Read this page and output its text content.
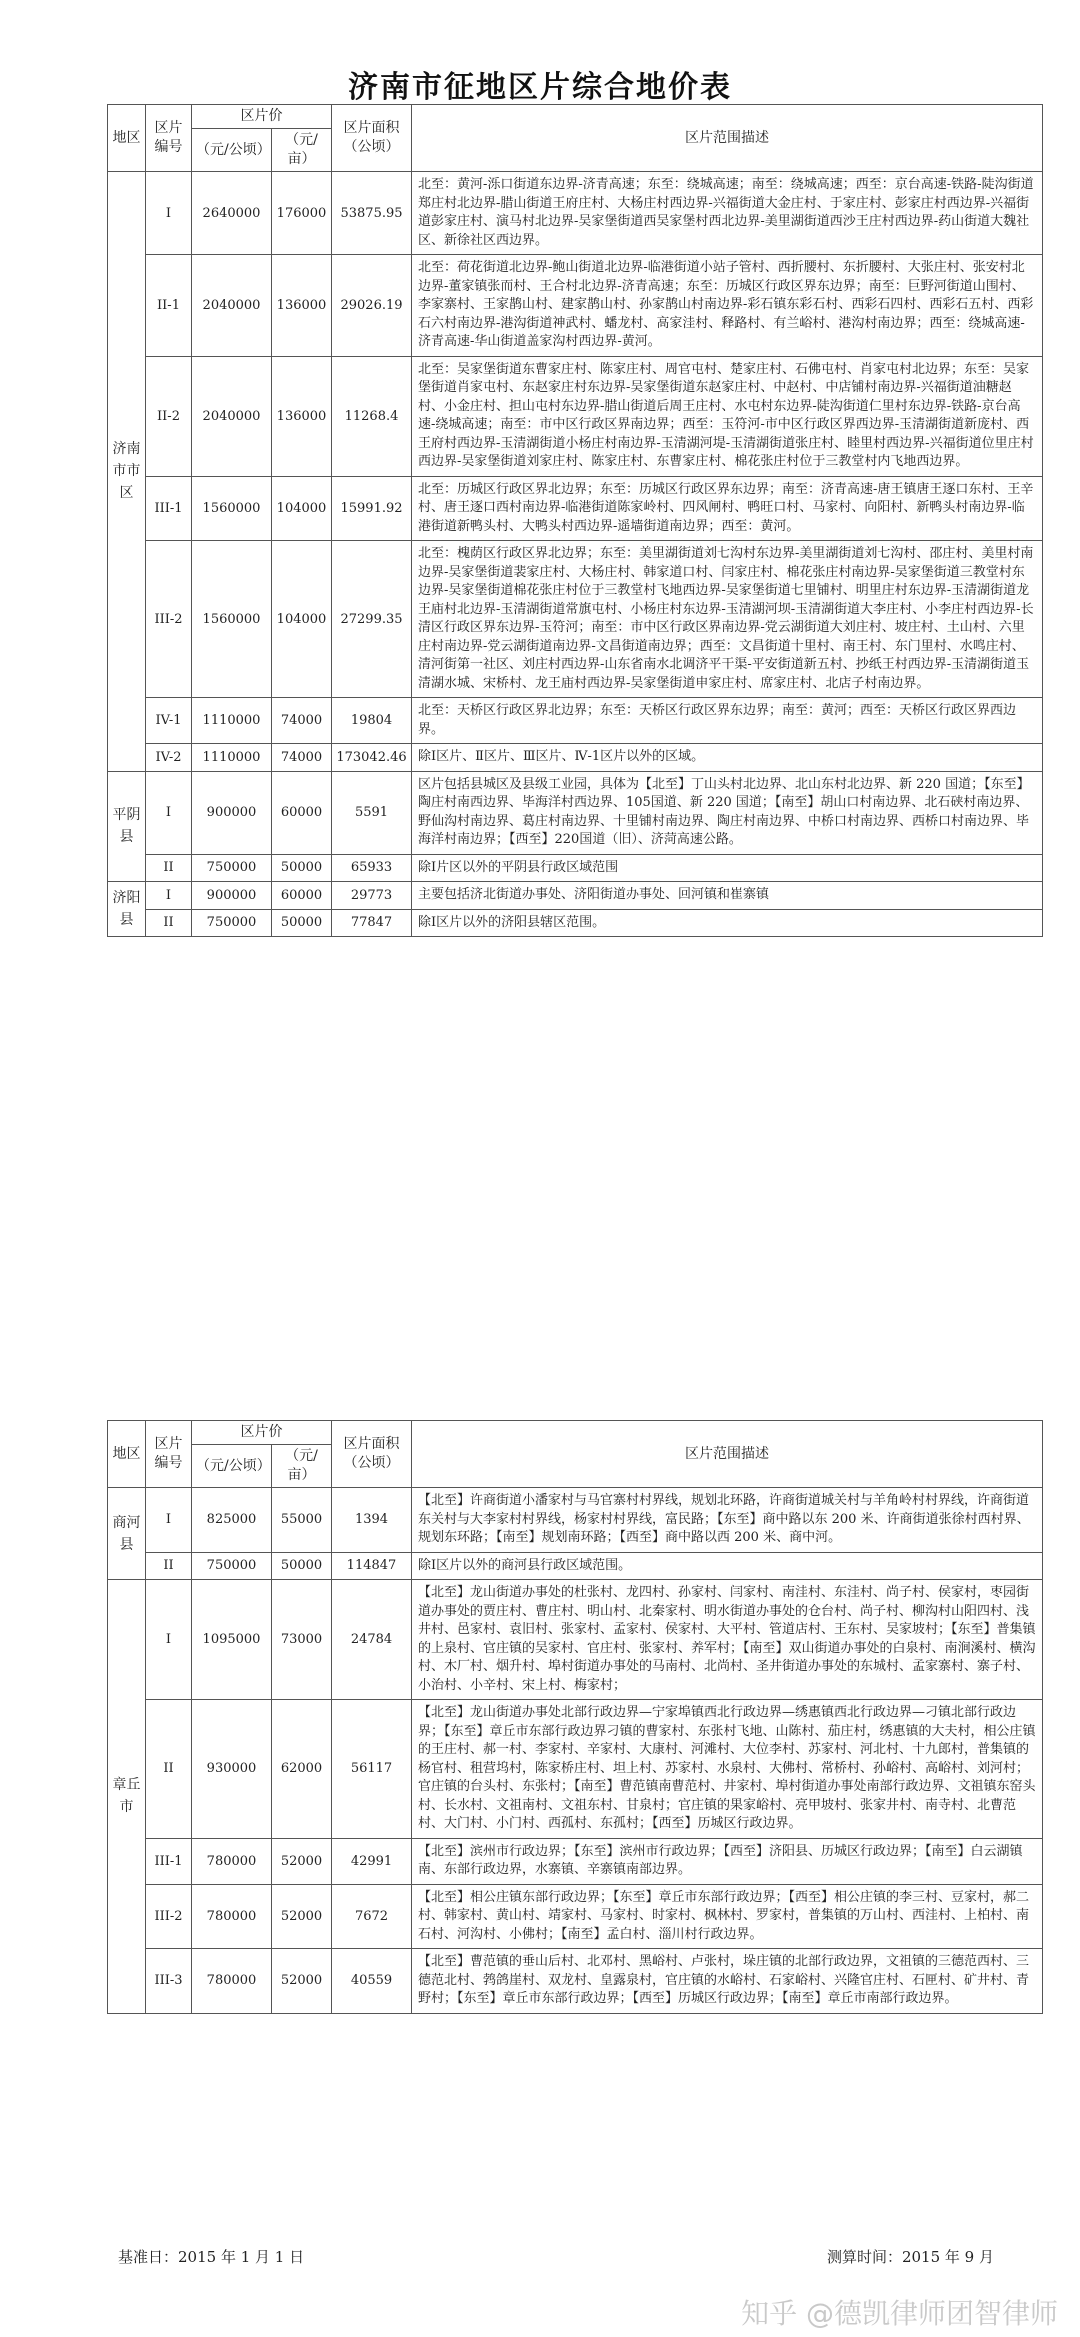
济南市征地区片综合地价表
地区	区片编号	区片价		区片面积（公顷）	区片范围描述
		（元/公顷）	（元/亩）		
济南市市区	I	2640000	176000	53875.95	北至：黄河-泺口街道东边界-济青高速；东至：绕城高速；南至：绕城高速；西至：京台高速-铁路-陡沟街道郑庄村北边界-腊山街道王府庄村、大杨庄村西边界-兴福街道大金庄村、于家庄村、彭家庄村西边界-兴福街道彭家庄村、演马村北边界-吴家堡街道西吴家堡村西北边界-美里湖街道西沙王庄村西边界-药山街道大魏社区、新徐社区西边界。
	II-1	2040000	136000	29026.19	北至：荷花街道北边界-鲍山街道北边界-临港街道小站子管村、西折腰村、东折腰村、大张庄村、张安村北边界-董家镇张而村、王合村北边界-济青高速；东至：历城区行政区界东边界；南至：巨野河街道山围村、李家寨村、王家鹊山村、建家鹊山村、孙家鹊山村南边界-彩石镇东彩石村、西彩石四村、西彩石五村、西彩石六村南边界-港沟街道神武村、蟠龙村、高家洼村、释路村、有兰峪村、港沟村南边界；西至：绕城高速-济青高速-华山街道盖家沟村西边界-黄河。
	II-2	2040000	136000	11268.4	北至：吴家堡街道东曹家庄村、陈家庄村、周官屯村、楚家庄村、石佛屯村、肖家屯村北边界；东至：吴家堡街道肖家屯村、东赵家庄村东边界-吴家堡街道东赵家庄村、中赵村、中店铺村南边界-兴福街道油糖赵村、小金庄村、担山屯村东边界-腊山街道后周王庄村、水屯村东边界-陡沟街道仁里村东边界-铁路-京台高速-绕城高速；南至：市中区行政区界南边界；西至：玉符河-市中区行政区界西边界-玉清湖街道新庞村、西王府村西边界-玉清湖街道小杨庄村南边界-玉清湖河堤-玉清湖街道张庄村、睦里村西边界-兴福街道位里庄村西边界-吴家堡街道刘家庄村、陈家庄村、东曹家庄村、棉花张庄村位于三教堂村内飞地西边界。
	III-1	1560000	104000	15991.92	北至：历城区行政区界北边界；东至：历城区行政区界东边界；南至：济青高速-唐王镇唐王逐口东村、王辛村、唐王逐口西村南边界-临港街道陈家岭村、四风闸村、鸭旺口村、马家村、向阳村、新鸭头村南边界-临港街道新鸭头村、大鸭头村西边界-遥墙街道南边界；西至：黄河。
	III-2	1560000	104000	27299.35	北至：槐荫区行政区界北边界；东至：美里湖街道刘七沟村东边界-美里湖街道刘七沟村、邵庄村、美里村南边界-吴家堡街道裴家庄村、大杨庄村、韩家道口村、闫家庄村、棉花张庄村南边界-吴家堡街道三教堂村东边界-吴家堡街道棉花张庄村位于三教堂村飞地西边界-吴家堡街道七里铺村、明里庄村东边界-玉清湖街道龙王庙村北边界-玉清湖街道常旗屯村、小杨庄村东边界-玉清湖河坝-玉清湖街道大李庄村、小李庄村西边界-长清区行政区界东边界-玉符河；南至：市中区行政区界南边界-党云湖街道大刘庄村、坡庄村、土山村、六里庄村南边界-党云湖街道南边界-文昌街道南边界；西至：文昌街道十里村、南王村、东门里村、水鸣庄村、清河街第一社区、刘庄村西边界-山东省南水北调济平干渠-平安街道新五村、抄纸王村西边界-玉清湖街道玉清湖水城、宋桥村、龙王庙村西边界-吴家堡街道申家庄村、席家庄村、北店子村南边界。
	IV-1	1110000	74000	19804	北至：天桥区行政区界北边界；东至：天桥区行政区界东边界；南至：黄河；西至：天桥区行政区界西边界。
	IV-2	1110000	74000	173042.46	除Ⅰ区片、Ⅱ区片、Ⅲ区片、Ⅳ-1区片以外的区域。
平阴县	I	900000	60000	5591	区片包括县城区及县级工业园，具体为【北至】丁山头村北边界、北山东村北边界、新 220 国道；【东至】陶庄村南西边界、毕海洋村西边界、105国道、新 220 国道；【南至】胡山口村南边界、北石硖村南边界、野仙沟村南边界、葛庄村南边界、十里铺村南边界、陶庄村南边界、中桥口村南边界、西桥口村南边界、毕海洋村南边界；【西至】220国道（旧）、济菏高速公路。
	II	750000	50000	65933	除Ⅰ片区以外的平阴县行政区域范围
济阳县	I	900000	60000	29773	主要包括济北街道办事处、济阳街道办事处、回河镇和崔寨镇
	II	750000	50000	77847	除Ⅰ区片以外的济阳县辖区范围。
地区	区片编号	区片价		区片面积（公顷）	区片范围描述
		（元/公顷）	（元/亩）		
商河县	I	825000	55000	1394	【北至】许商街道小潘家村与马官寨村村界线，规划北环路，许商街道城关村与羊角岭村村界线，许商街道东关村与大李家村村界线，杨家村村界线，富民路；【东至】商中路以东 200 米、许商街道张徐村西村界、规划东环路；【南至】规划南环路；【西至】商中路以西 200 米、商中河。
	II	750000	50000	114847	除Ⅰ区片以外的商河县行政区域范围。
章丘市	I	1095000	73000	24784	【北至】龙山街道办事处的杜张村、龙四村、孙家村、闫家村、南洼村、东洼村、尚子村、侯家村，枣园街道办事处的贾庄村、曹庄村、明山村、北秦家村、明水街道办事处的仓台村、尚子村、柳沟村山阳四村、浅井村、邑家村、袁旧村、张家村、孟家村、侯家村、大平村、管道店村、王东村、吴家坡村；【东至】普集镇的上泉村、官庄镇的吴家村、官庄村、张家村、养军村；【南至】双山街道办事处的白泉村、南涧溪村、横沟村、木厂村、烟升村、埠村街道办事处的马南村、北尚村、圣井街道办事处的东城村、孟家寨村、寨子村、小治村、小辛村、宋上村、梅家村；
	II	930000	62000	56117	【北至】龙山街道办事处北部行政边界—宁家埠镇西北行政边界—绣惠镇西北行政边界—刁镇北部行政边界；【东至】章丘市东部行政边界刁镇的曹家村、东张村飞地、山陈村、茄庄村，绣惠镇的大夫村，相公庄镇的王庄村、郝一村、李家村、辛家村、大康村、河滩村、大位李村、苏家村、河北村、十九郎村，普集镇的杨官村、租营坞村，陈家桥庄村、坦上村、苏家村、水泉村、大佛村、常桥村、孙峪村、高峪村、刘河村；官庄镇的台头村、东张村；【南至】曹范镇南曹范村、井家村、埠村街道办事处南部行政边界、文祖镇东窑头村、长水村、文祖南村、文祖东村、甘泉村；官庄镇的果家峪村、亮甲坡村、张家井村、南寺村、北曹范村、大门村、小门村、西孤村、东孤村；【西至】历城区行政边界。
	III-1	780000	52000	42991	【北至】滨州市行政边界；【东至】滨州市行政边界；【西至】济阳县、历城区行政边界；【南至】白云湖镇南、东部行政边界，水寨镇、辛寨镇南部边界。
	III-2	780000	52000	7672	【北至】相公庄镇东部行政边界；【东至】章丘市东部行政边界；【西至】相公庄镇的李三村、豆家村，郝二村、韩家村、黄山村、靖家村、马家村、时家村、枫林村、罗家村，普集镇的万山村、西洼村、上柏村、南石村、河沟村、小佛村；【南至】孟白村、淄川村行政边界。
	III-3	780000	52000	40559	【北至】曹范镇的垂山后村、北邓村、黑峪村、卢张村，垛庄镇的北部行政边界，文祖镇的三德范西村、三德范北村、鹁鸽崖村、双龙村、皇露泉村，官庄镇的水峪村、石家峪村、兴隆官庄村、石匣村、矿井村、青野村；【东至】章丘市东部行政边界；【西至】历城区行政边界；【南至】章丘市南部行政边界。
基准日：2015 年 1 月 1 日	测算时间：2015 年 9 月
知乎 @德凯律师团智律师
